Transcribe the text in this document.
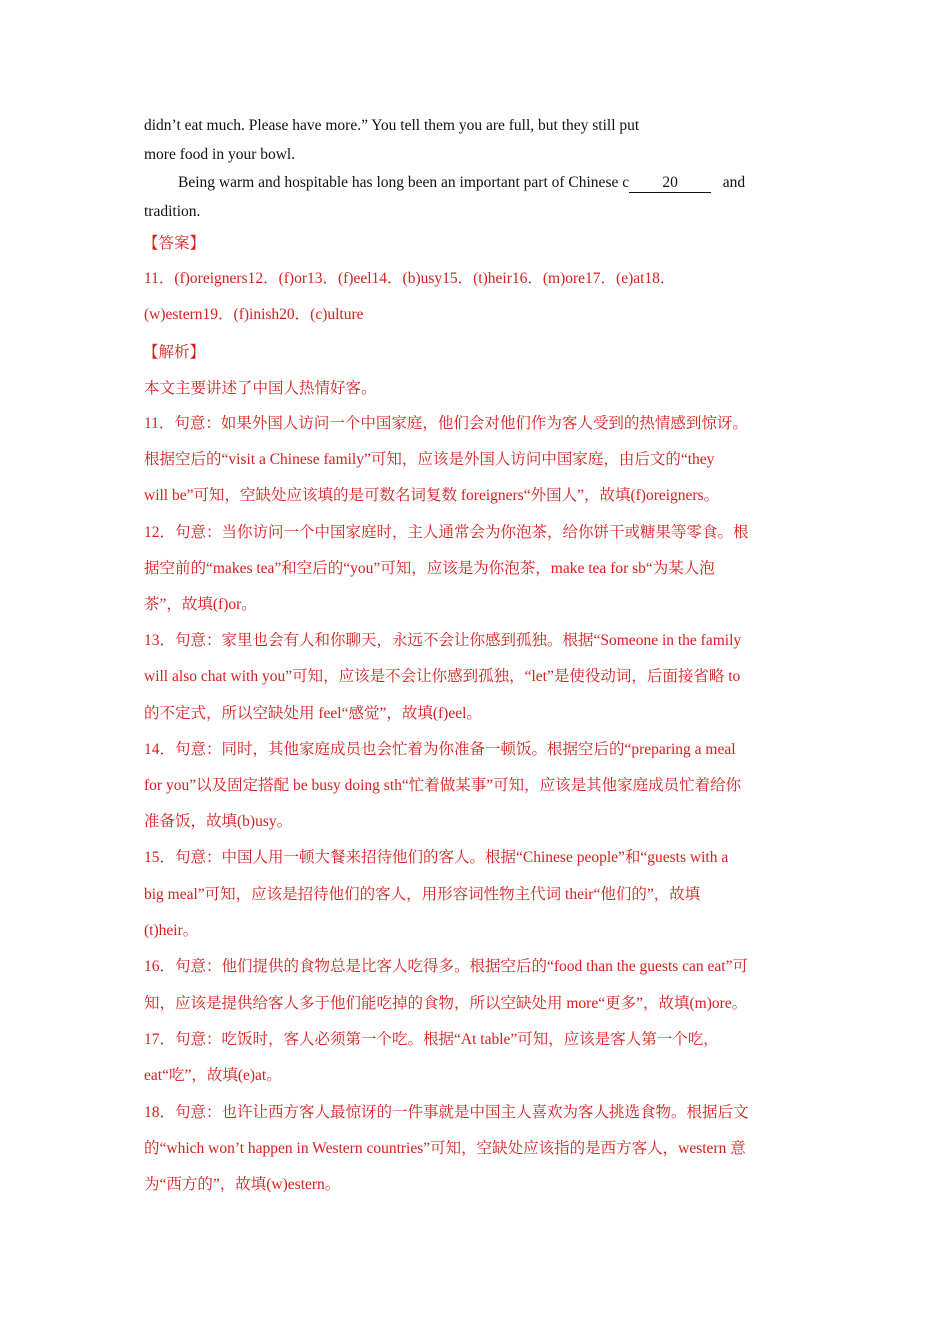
didn’t eat much. Please have more.” You tell them you are full, but they still put
more food in your bowl.
Being warm and hospitable has long been an important part of Chinese c 20	and
tradition.
【答案】
11．(f)oreigners12．(f)or13．(f)eel14．(b)usy15．(t)heir16．(m)ore17．(e)at18．
(w)estern19．(f)inish20．(c)ulture
【解析】
本文主要讲述了中国人热情好客。
11．句意：如果外国人访问一个中国家庭，他们会对他们作为客人受到的热情感到惊讶。
根据空后的“visit a Chinese family”可知，应该是外国人访问中国家庭，由后文的“they
will be”可知，空缺处应该填的是可数名词复数 foreigners“外国人”，故填(f)oreigners。
12．句意：当你访问一个中国家庭时，主人通常会为你泡茶，给你饼干或糖果等零食。根
据空前的“makes tea”和空后的“you”可知，应该是为你泡茶，make tea for sb“为某人泡
茶”，故填(f)or。
13．句意：家里也会有人和你聊天，永远不会让你感到孤独。根据“Someone in the family
will also chat with you”可知，应该是不会让你感到孤独，“let”是使役动词，后面接省略 to
的不定式，所以空缺处用 feel“感觉”，故填(f)eel。
14．句意：同时，其他家庭成员也会忙着为你准备一顿饭。根据空后的“preparing a meal
for you”以及固定搭配 be busy doing sth“忙着做某事”可知，应该是其他家庭成员忙着给你
准备饭，故填(b)usy。
15．句意：中国人用一顿大餐来招待他们的客人。根据“Chinese people”和“guests with a
big meal”可知，应该是招待他们的客人，用形容词性物主代词 their“他们的”，故填
(t)heir。
16．句意：他们提供的食物总是比客人吃得多。根据空后的“food than the guests can eat”可
知，应该是提供给客人多于他们能吃掉的食物，所以空缺处用 more“更多”，故填(m)ore。
17．句意：吃饭时，客人必须第一个吃。根据“At table”可知，应该是客人第一个吃，
eat“吃”，故填(e)at。
18．句意：也许让西方客人最惊讶的一件事就是中国主人喜欢为客人挑选食物。根据后文
的“which won’t happen in Western countries”可知，空缺处应该指的是西方客人，western 意
为“西方的”，故填(w)estern。
